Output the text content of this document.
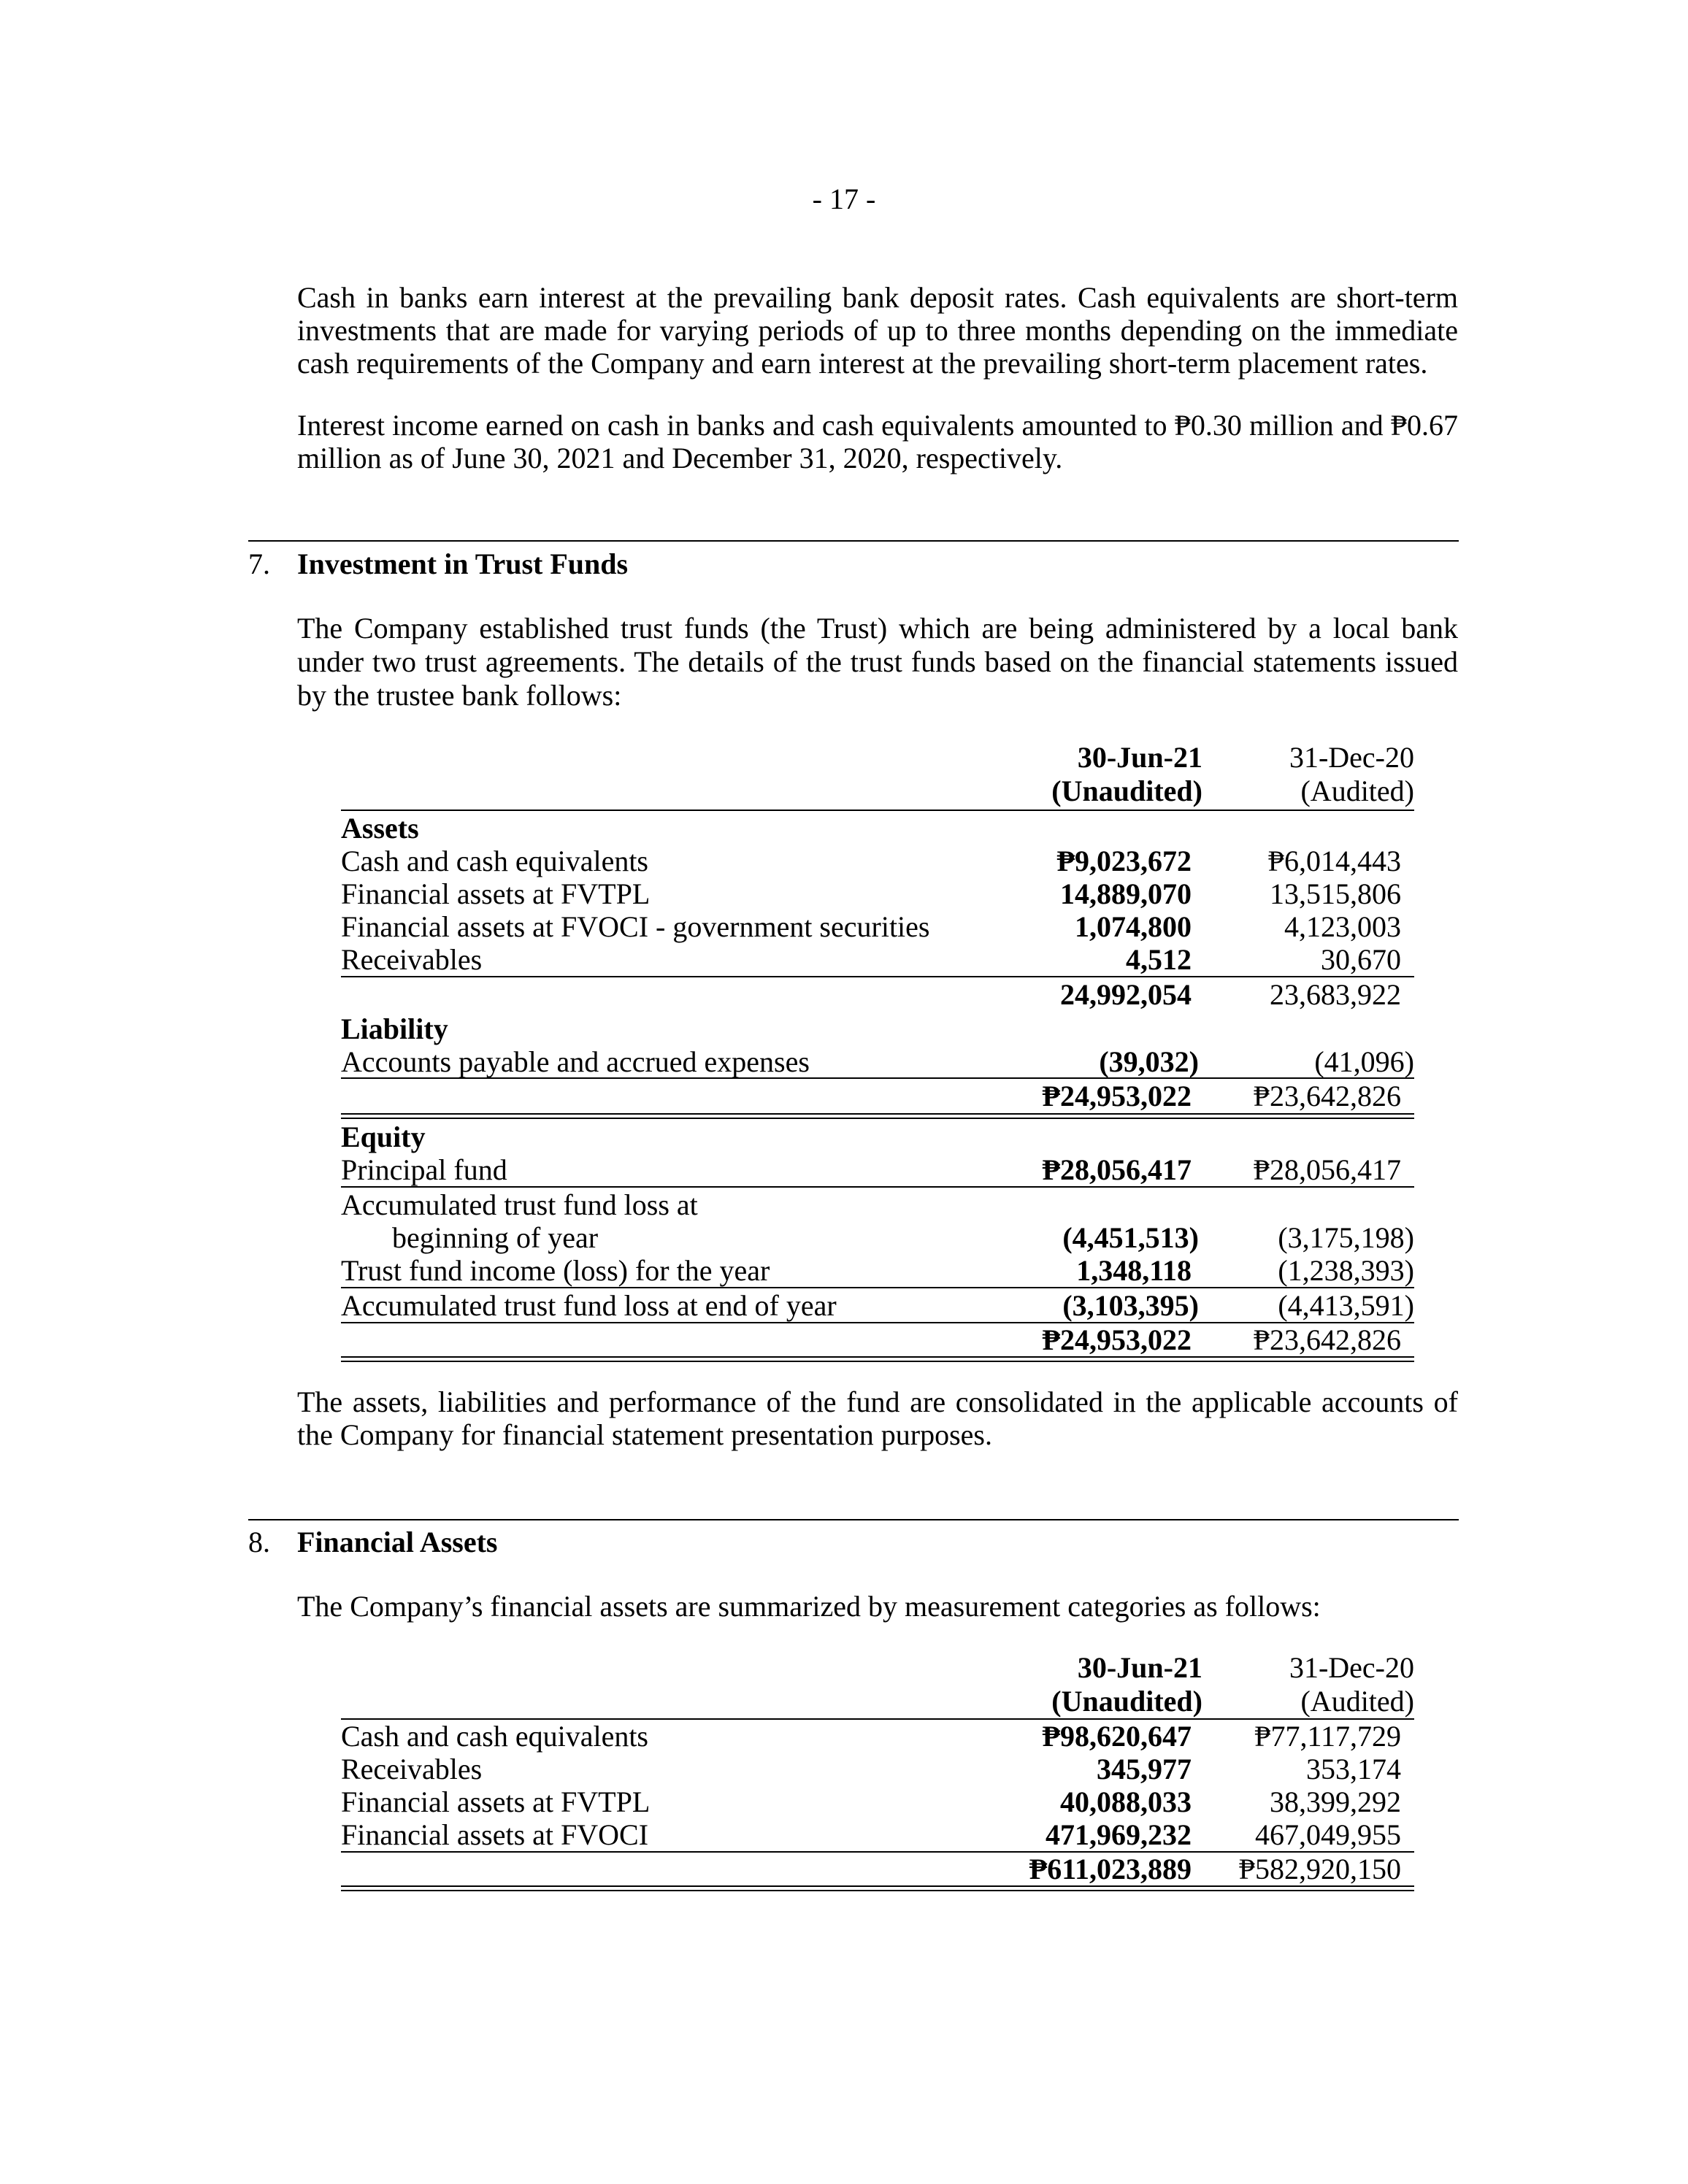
- 17 -

Cash in banks earn interest at the prevailing bank deposit rates. Cash equivalents are short-term investments that are made for varying periods of up to three months depending on the immediate cash requirements of the Company and earn interest at the prevailing short-term placement rates.

Interest income earned on cash in banks and cash equivalents amounted to ₱0.30 million and ₱0.67 million as of June 30, 2021 and December 31, 2020, respectively.

7. Investment in Trust Funds

The Company established trust funds (the Trust) which are being administered by a local bank under two trust agreements. The details of the trust funds based on the financial statements issued by the trustee bank follows:

30-Jun-21	31-Dec-20
(Unaudited)	(Audited)
Assets
Cash and cash equivalents	₱9,023,672	₱6,014,443
Financial assets at FVTPL	14,889,070	13,515,806
Financial assets at FVOCI - government securities	1,074,800	4,123,003
Receivables	4,512	30,670
24,992,054	23,683,922
Liability
Accounts payable and accrued expenses	(39,032)	(41,096)
₱24,953,022 ₱23,642,826
Equity
Principal fund	₱28,056,417 ₱28,056,417
Accumulated trust fund loss at
beginning of year	(4,451,513)	(3,175,198)
Trust fund income (loss) for the year	1,348,118	(1,238,393)
Accumulated trust fund loss at end of year	(3,103,395)	(4,413,591)
₱24,953,022 ₱23,642,826

The assets, liabilities and performance of the fund are consolidated in the applicable accounts of the Company for financial statement presentation purposes.

8. Financial Assets

The Company’s financial assets are summarized by measurement categories as follows:

30-Jun-21	31-Dec-20
(Unaudited)	(Audited)
Cash and cash equivalents	₱98,620,647 ₱77,117,729
Receivables	345,977	353,174
Financial assets at FVTPL	40,088,033	38,399,292
Financial assets at FVOCI	471,969,232 467,049,955
₱611,023,889 ₱582,920,150
